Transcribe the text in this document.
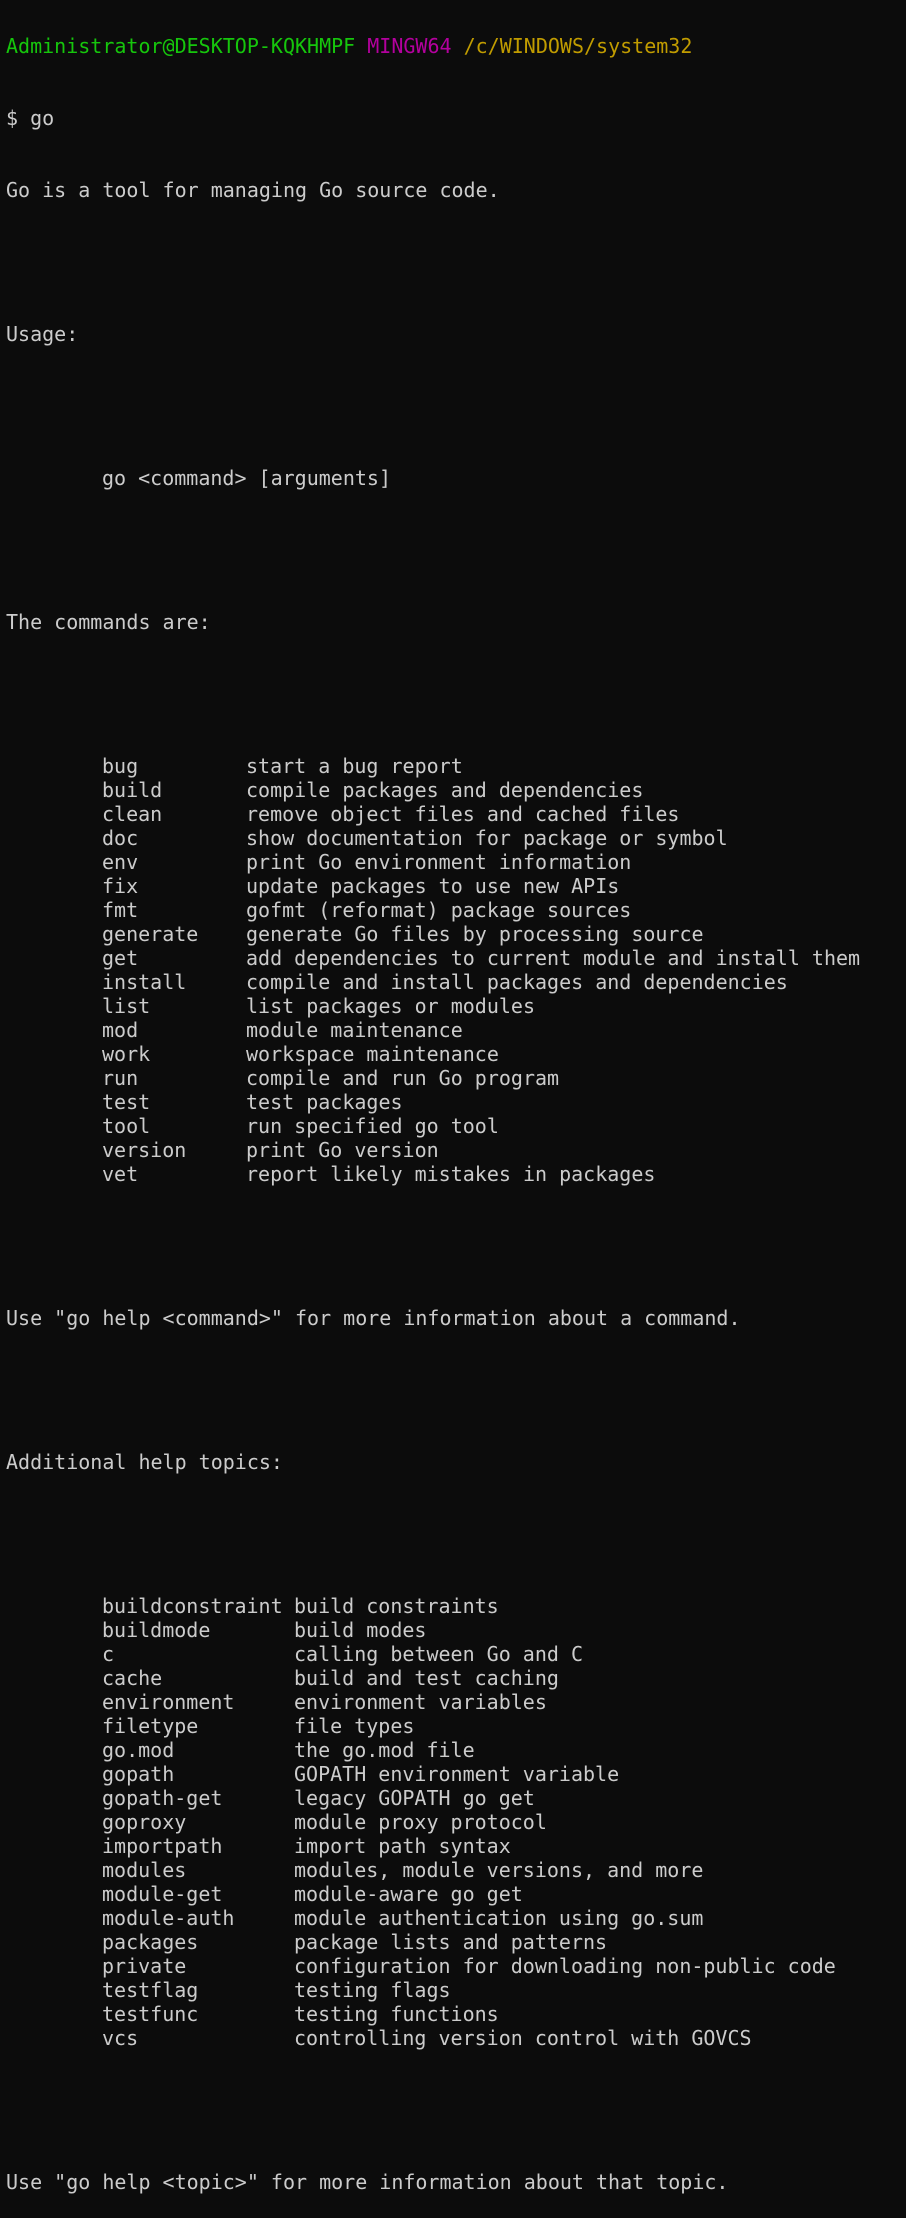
Administrator@DESKTOP-KQKHMPF MINGW64 /c/WINDOWS/system32

$ go

Go is a tool for managing Go source code.

Usage:

go <command> [arguments]

The commands are:

bug	start a bug report
build	compile packages and dependencies
clean	remove object files and cached files
doc	show documentation for package or symbol
env	print Go environment information
fix	update packages to use new APIs
fmt	gofmt (reformat) package sources
generate	generate Go files by processing source
get	add dependencies to current module and install them
install	compile and install packages and dependencies
list	list packages or modules
mod	module maintenance
work	workspace maintenance
run	compile and run Go program
test	test packages
tool	run specified go tool
version	print Go version
vet	report likely mistakes in packages

Use "go help <command>" for more information about a command.

Additional help topics:

buildconstraint build constraints
buildmode	build modes
c	calling between Go and C
cache	build and test caching
environment	environment variables
filetype	file types
go.mod	the go.mod file
gopath	GOPATH environment variable
gopath-get	legacy GOPATH go get
goproxy	module proxy protocol
importpath	import path syntax
modules	modules, module versions, and more
module-get	module-aware go get
module-auth	module authentication using go.sum
packages	package lists and patterns
private	configuration for downloading non-public code
testflag	testing flags
testfunc	testing functions
vcs	controlling version control with GOVCS

Use "go help <topic>" for more information about that topic.
